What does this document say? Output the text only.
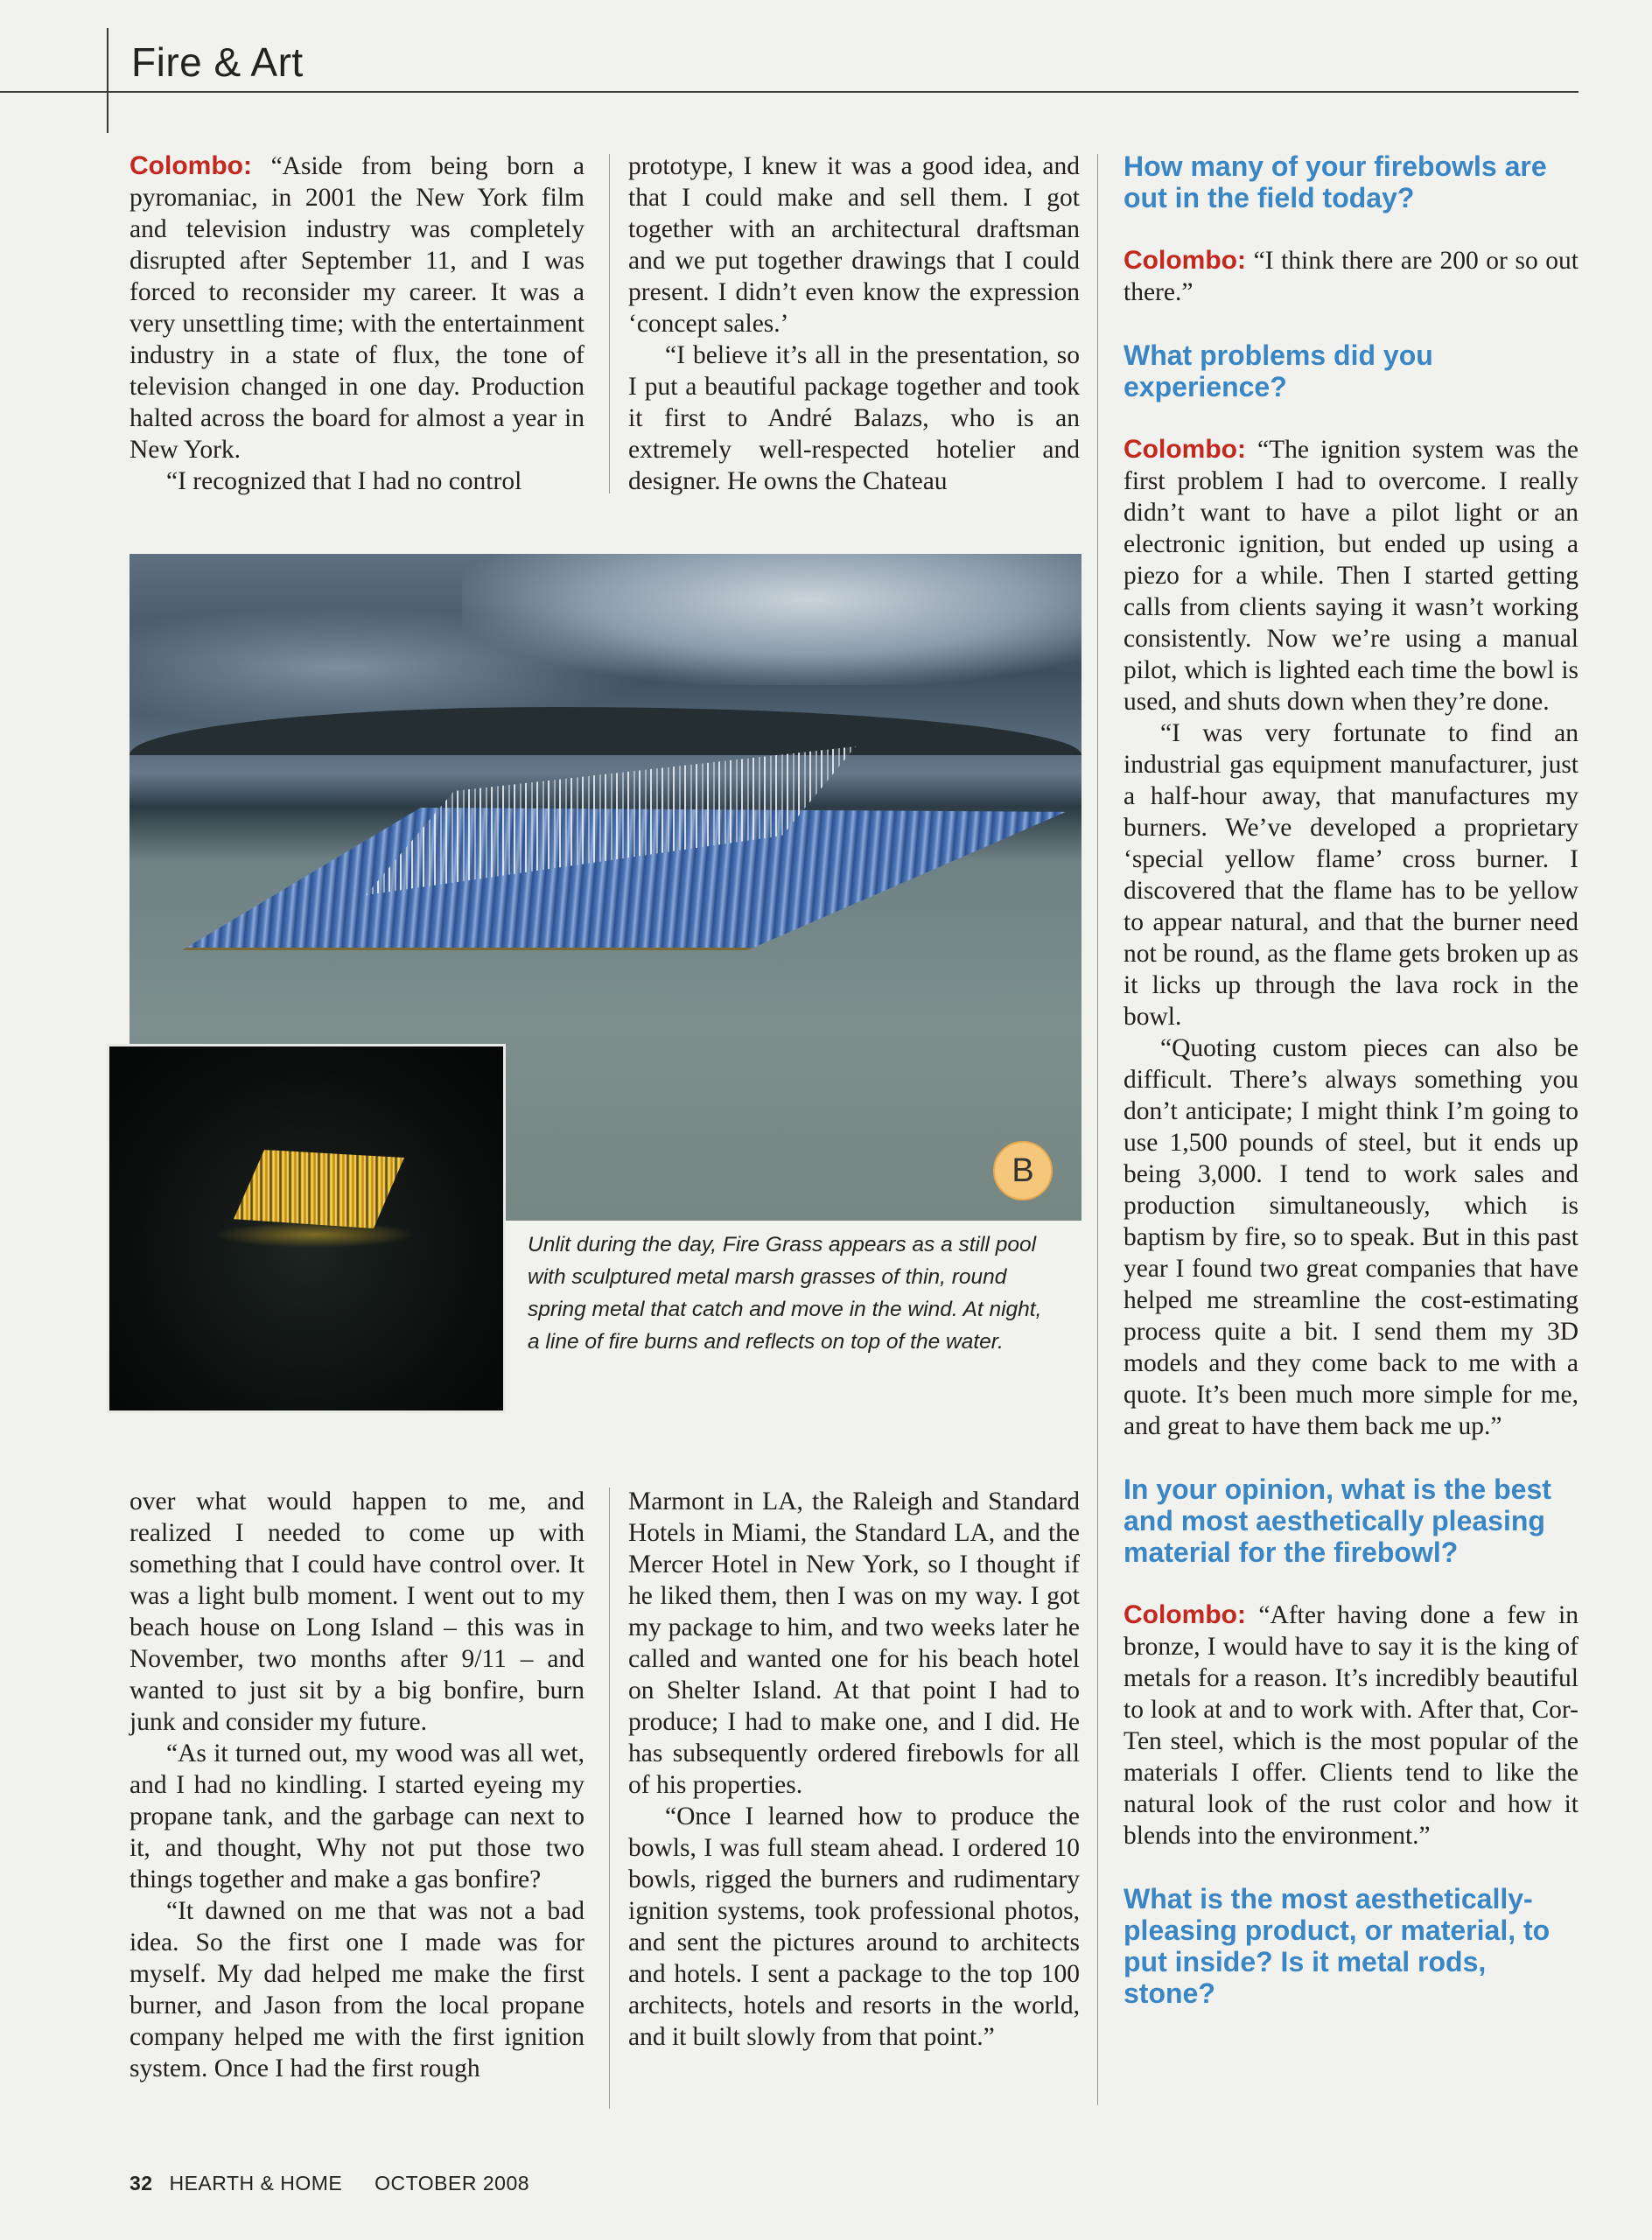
Fire & Art

Colombo: “Aside from being born a pyromaniac, in 2001 the New York film and television industry was completely disrupted after September 11, and I was forced to reconsider my career. It was a very unsettling time; with the entertainment industry in a state of flux, the tone of television changed in one day. Production halted across the board for almost a year in New York.

“I recognized that I had no control

prototype, I knew it was a good idea, and that I could make and sell them. I got together with an architectural draftsman and we put together drawings that I could present. I didn’t even know the expression ‘concept sales.’

“I believe it’s all in the presentation, so I put a beautiful package together and took it first to André Balazs, who is an extremely well-respected hotelier and designer. He owns the Chateau

B
Unlit during the day, Fire Grass appears as a still pool with sculptured metal marsh grasses of thin, round spring metal that catch and move in the wind. At night, a line of fire burns and reflects on top of the water.

over what would happen to me, and realized I needed to come up with something that I could have control over. It was a light bulb moment. I went out to my beach house on Long Island – this was in November, two months after 9/11 – and wanted to just sit by a big bonfire, burn junk and consider my future.

“As it turned out, my wood was all wet, and I had no kindling. I started eyeing my propane tank, and the garbage can next to it, and thought, Why not put those two things together and make a gas bonfire?

“It dawned on me that was not a bad idea. So the first one I made was for myself. My dad helped me make the first burner, and Jason from the local propane company helped me with the first ignition system. Once I had the first rough

Marmont in LA, the Raleigh and Standard Hotels in Miami, the Standard LA, and the Mercer Hotel in New York, so I thought if he liked them, then I was on my way. I got my package to him, and two weeks later he called and wanted one for his beach hotel on Shelter Island. At that point I had to produce; I had to make one, and I did. He has subsequently ordered firebowls for all of his properties.

“Once I learned how to produce the bowls, I was full steam ahead. I ordered 10 bowls, rigged the burners and rudimentary ignition systems, took professional photos, and sent the pictures around to architects and hotels. I sent a package to the top 100 architects, hotels and resorts in the world, and it built slowly from that point.”

How many of your firebowls are out in the field today?

Colombo: “I think there are 200 or so out there.”

What problems did you experience?

Colombo: “The ignition system was the first problem I had to overcome. I really didn’t want to have a pilot light or an electronic ignition, but ended up using a piezo for a while. Then I started getting calls from clients saying it wasn’t working consistently. Now we’re using a manual pilot, which is lighted each time the bowl is used, and shuts down when they’re done.

“I was very fortunate to find an industrial gas equipment manufacturer, just a half-hour away, that manufactures my burners. We’ve developed a proprietary ‘special yellow flame’ cross burner. I discovered that the flame has to be yellow to appear natural, and that the burner need not be round, as the flame gets broken up as it licks up through the lava rock in the bowl.

“Quoting custom pieces can also be difficult. There’s always something you don’t anticipate; I might think I’m going to use 1,500 pounds of steel, but it ends up being 3,000. I tend to work sales and production simultaneously, which is baptism by fire, so to speak. But in this past year I found two great companies that have helped me streamline the cost-estimating process quite a bit. I send them my 3D models and they come back to me with a quote. It’s been much more simple for me, and great to have them back me up.”

In your opinion, what is the best and most aesthetically pleasing material for the firebowl?

Colombo: “After having done a few in bronze, I would have to say it is the king of metals for a reason. It’s incredibly beautiful to look at and to work with. After that, Cor-Ten steel, which is the most popular of the materials I offer. Clients tend to like the natural look of the rust color and how it blends into the environment.”

What is the most aesthetically-pleasing product, or material, to put inside? Is it metal rods, stone?

32 HEARTH & HOME OCTOBER 2008
